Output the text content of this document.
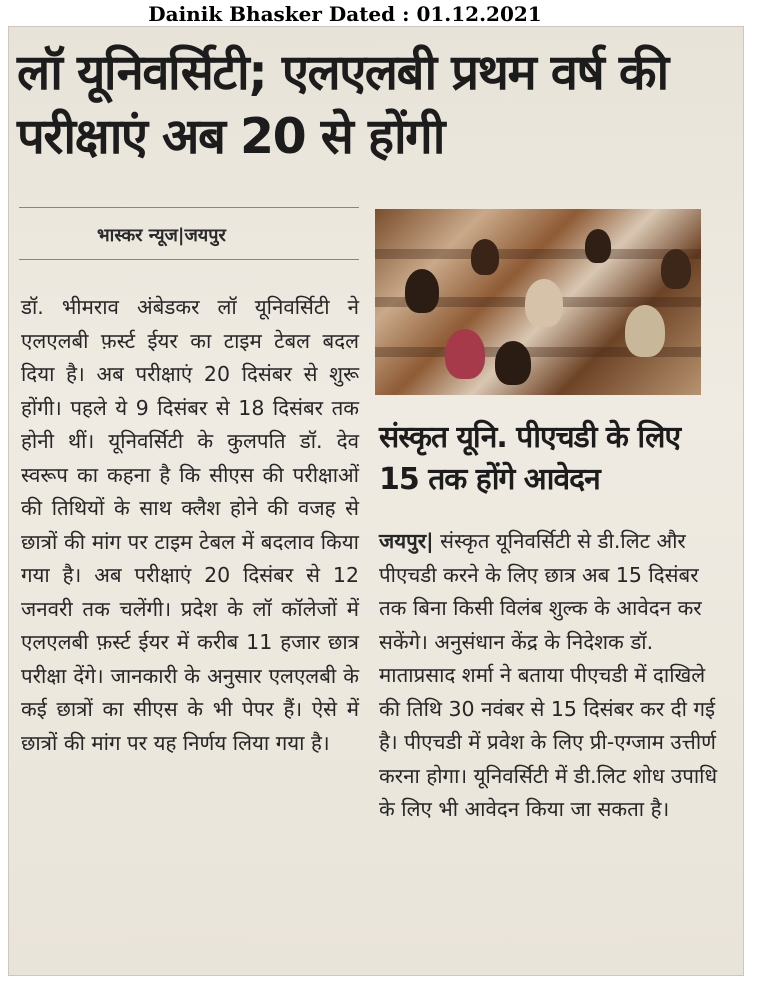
Dainik Bhasker Dated : 01.12.2021
लॉ यूनिवर्सिटी; एलएलबी प्रथम वर्ष की परीक्षाएं अब 20 से होंगी
भास्कर न्यूज|जयपुर
डॉ. भीमराव अंबेडकर लॉ यूनिवर्सिटी ने एलएलबी फ़र्स्ट ईयर का टाइम टेबल बदल दिया है। अब परीक्षाएं 20 दिसंबर से शुरू होंगी। पहले ये 9 दिसंबर से 18 दिसंबर तक होनी थीं। यूनिवर्सिटी के कुलपति डॉ. देव स्वरूप का कहना है कि सीएस की परीक्षाओं की तिथियों के साथ क्लैश होने की वजह से छात्रों की मांग पर टाइम टेबल में बदलाव किया गया है। अब परीक्षाएं 20 दिसंबर से 12 जनवरी तक चलेंगी। प्रदेश के लॉ कॉलेजों में एलएलबी फ़र्स्ट ईयर में करीब 11 हजार छात्र परीक्षा देंगे। जानकारी के अनुसार एलएलबी के कई छात्रों का सीएस के भी पेपर हैं। ऐसे में छात्रों की मांग पर यह निर्णय लिया गया है।
संस्कृत यूनि. पीएचडी के लिए 15 तक होंगे आवेदन
जयपुर| संस्कृत यूनिवर्सिटी से डी.लिट और पीएचडी करने के लिए छात्र अब 15 दिसंबर तक बिना किसी विलंब शुल्क के आवेदन कर सकेंगे। अनुसंधान केंद्र के निदेशक डॉ. माताप्रसाद शर्मा ने बताया पीएचडी में दाखिले की तिथि 30 नवंबर से 15 दिसंबर कर दी गई है। पीएचडी में प्रवेश के लिए प्री-एग्जाम उत्तीर्ण करना होगा। यूनिवर्सिटी में डी.लिट शोध उपाधि के लिए भी आवेदन किया जा सकता है।
